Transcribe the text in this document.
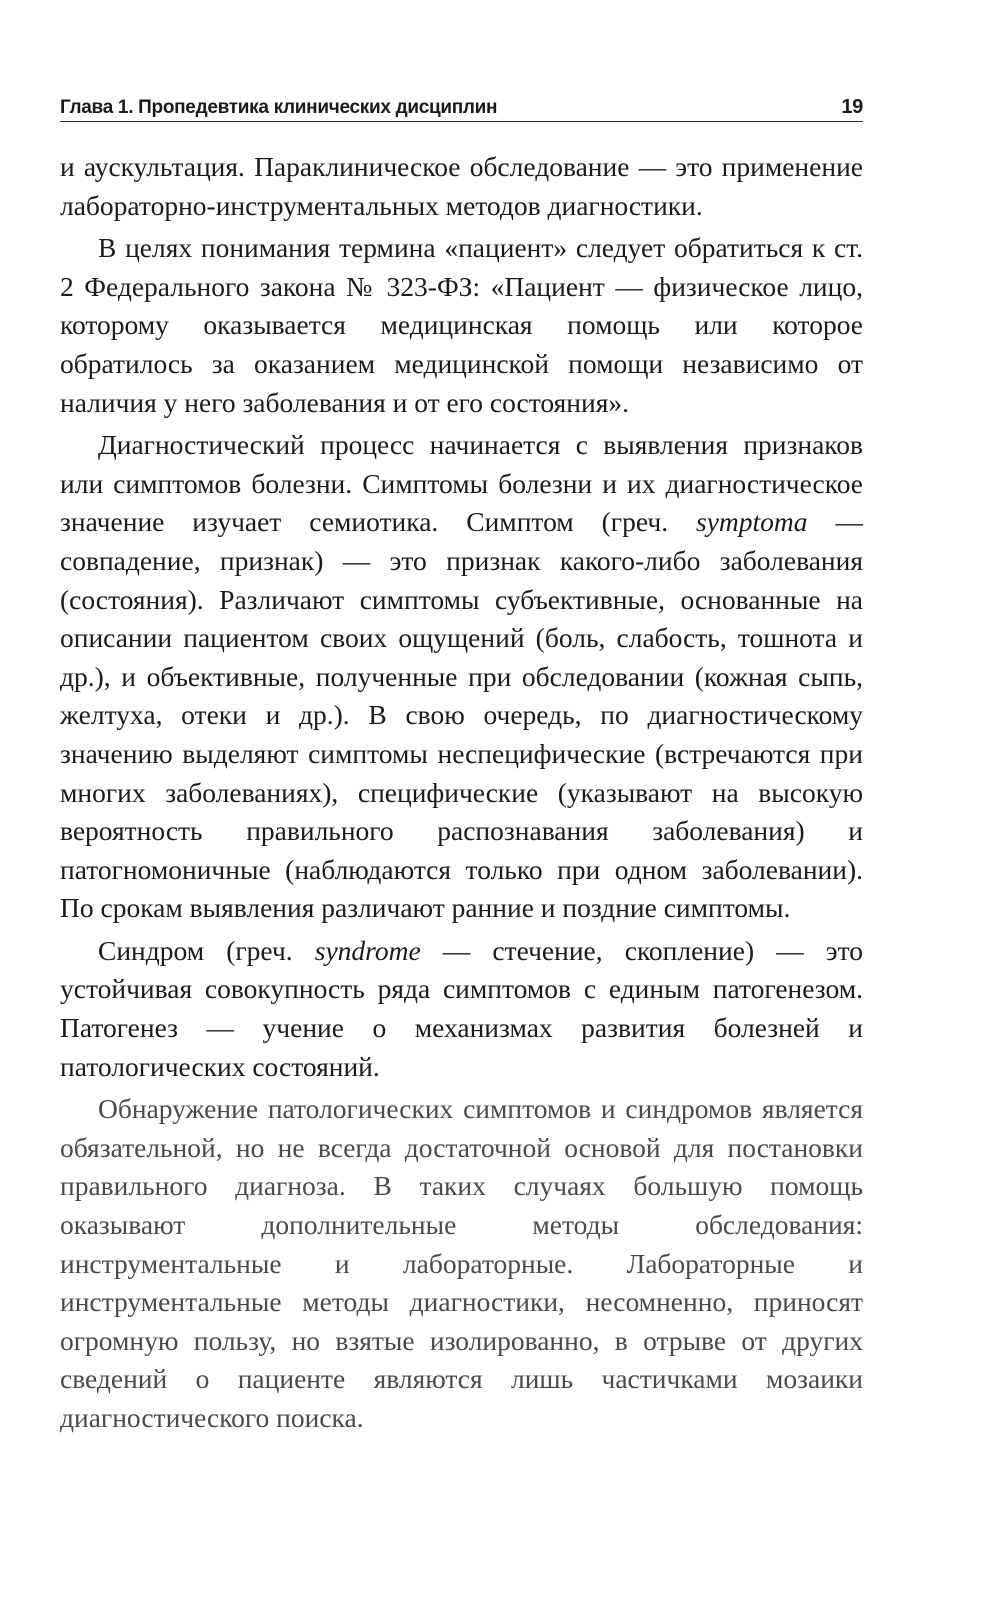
Глава 1. Пропедевтика клинических дисциплин	19

и аускультация. Параклиническое обследование — это применение лабораторно-инструментальных методов диагностики.

В целях понимания термина «пациент» следует обратиться к ст. 2 Федерального закона № 323-ФЗ: «Пациент — физическое лицо, которому оказывается медицинская помощь или которое обратилось за оказанием медицинской помощи независимо от наличия у него заболевания и от его состояния».

Диагностический процесс начинается с выявления признаков или симптомов болезни. Симптомы болезни и их диагностическое значение изучает семиотика. Симптом (греч. symptoma — совпадение, признак) — это признак какого-либо заболевания (состояния). Различают симптомы субъективные, основанные на описании пациентом своих ощущений (боль, слабость, тошнота и др.), и объективные, полученные при обследовании (кожная сыпь, желтуха, отеки и др.). В свою очередь, по диагностическому значению выделяют симптомы неспецифические (встречаются при многих заболеваниях), специфические (указывают на высокую вероятность правильного распознавания заболевания) и патогномоничные (наблюдаются только при одном заболевании). По срокам выявления различают ранние и поздние симптомы.

Синдром (греч. syndrome — стечение, скопление) — это устойчивая совокупность ряда симптомов с единым патогенезом. Патогенез — учение о механизмах развития болезней и патологических состояний.

Обнаружение патологических симптомов и синдромов является обязательной, но не всегда достаточной основой для постановки правильного диагноза. В таких случаях большую помощь оказывают дополнительные методы обследования: инструментальные и лабораторные. Лабораторные и инструментальные методы диагностики, несомненно, приносят огромную пользу, но взятые изолированно, в отрыве от других сведений о пациенте являются лишь частичками мозаики диагностического поиска.
